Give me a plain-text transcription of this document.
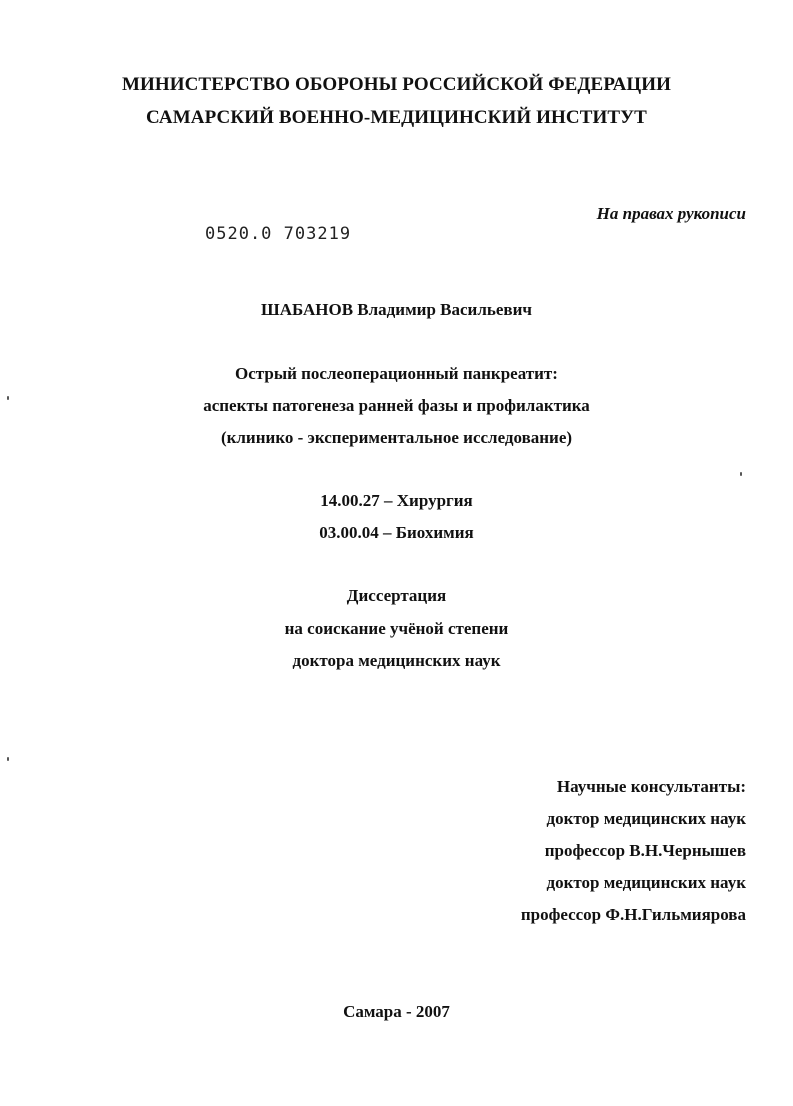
МИНИСТЕРСТВО ОБОРОНЫ РОССИЙСКОЙ ФЕДЕРАЦИИ
САМАРСКИЙ ВОЕННО-МЕДИЦИНСКИЙ ИНСТИТУТ
На правах рукописи
0520.0 703219
ШАБАНОВ Владимир Васильевич
Острый послеоперационный панкреатит:
аспекты патогенеза ранней фазы и профилактика
(клинико - экспериментальное исследование)
14.00.27 – Хирургия
03.00.04 – Биохимия
Диссертация
на соискание учёной степени
доктора медицинских наук
Научные консультанты:
доктор медицинских наук
профессор В.Н.Чернышев
доктор медицинских наук
профессор Ф.Н.Гильмиярова
Самара - 2007
